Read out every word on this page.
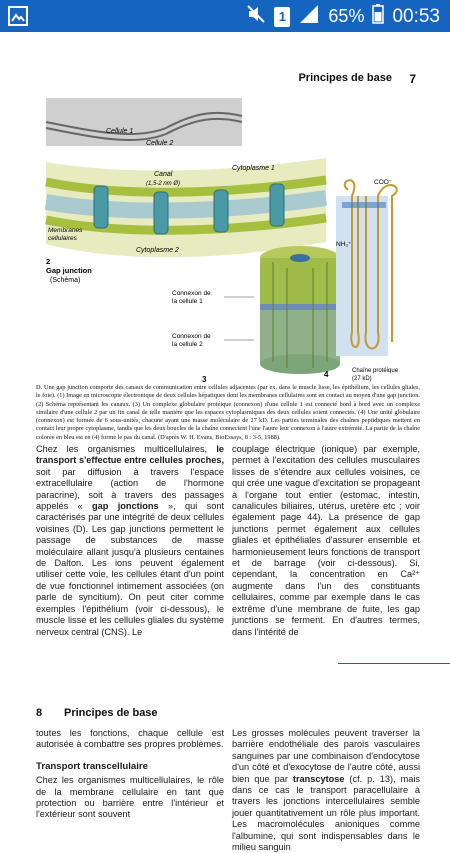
1 65% 00:53
Principes de base 7
Cellule 1
Cellule 2
Canal
(1,5-2 nm Ø)
Cytoplasme 1
Cytoplasme 2
Membranes
cellulaires
2
Gap junction
(Schéma)
Connexon de
la cellule 1
Connexon de
la cellule 2
3
NH₃⁺
COO⁻
4	Chaîne protéique
(27 kD)
D. Une gap junction comporte des canaux de communication entre cellules adjacentes (par ex. dans le muscle lisse, les épithélium, les cellules gliales, le foie). (1) Image en microscopie électronique de deux cellules hépatiques dont les membranes cellulaires sont en contact au moyen d'une gap junction. (2) Schéma représentant les canaux. (3) Un complexe globulaire protéique (connexon) d'une cellule 1 est connecté bord à bord avec un complexe similaire d'une cellule 2 par un fin canal de telle manière que les espaces cytoplasmiques des deux cellules soient connectés. (4) Une unité globulaire (connexon) est formée de 6 sous-unités, chacune ayant une masse moléculaire de 27 kD. Les parties terminales des chaînes peptidiques mettent en contact leur propre cytoplasme, tandis que les deux boucles de la chaîne connectent l'une l'autre leur connexon à l'autre extrémité. La partie de la chaîne colorée en bleu est en (4) forme le pas du canal. (D'après W. H. Evans, BioEssays, 8 : 3-5, 1988).
Chez les organismes multicellulaires, le transport s'effectue entre cellules proches, soit par diffusion à travers l'espace extracellulaire (action de l'hormone paracrine), soit à travers des passages appelés « gap jonctions », qui sont caractérisés par une intégrité de deux cellules voisines (D). Les gap junctions permettent le passage de substances de masse moléculaire allant jusqu'à plusieurs centaines de Dalton. Les ions peuvent également utiliser cette voie, les cellules étant d'un point de vue fonctionnel intimement associées (on parle de syncitium). On peut citer comme exemples l'épithélium (voir ci-dessous), le muscle lisse et les cellules gliales du système nerveux central (CNS). Le
couplage électrique (ionique) par exemple, permet à l'excitation des cellules musculaires lisses de s'étendre aux cellules voisines, ce qui crée une vague d'excitation se propageant à l'organe tout entier (estomac, intestin, canalicules biliaires, utérus, uretère etc ; voir également page 44). La présence de gap junctions permet également aux cellules gliales et épithéliales d'assurer ensemble et harmonieusement leurs fonctions de transport et de barrage (voir ci-dessous). Si, cependant, la concentration en Ca²⁺ augmente dans l'un des constituants cellulaires, comme par exemple dans le cas extrême d'une membrane de fuite, les gap junctions se ferment. En d'autres termes, dans l'intérité de
8 Principes de base
toutes les fonctions, chaque cellule est autorisée à combattre ses propres problèmes.
Transport transcellulaire
Chez les organismes multicellulaires, le rôle de la membrane cellulaire en tant que protection ou barrière entre l'intérieur et l'extérieur sont souvent
Les grosses molécules peuvent traverser la barrière endothéliale des parois vasculaires sanguines par une combinaison d'endocytose d'un côté et d'exocytose de l'autre côté, aussi bien que par transcytose (cf. p. 13), mais dans ce cas le transport paracellulaire à travers les jonctions intercellulaires semble jouer quantitativement un rôle plus important. Les macromolécules anioniques comme l'albumine, qui sont indispensables dans le milieu sanguin
